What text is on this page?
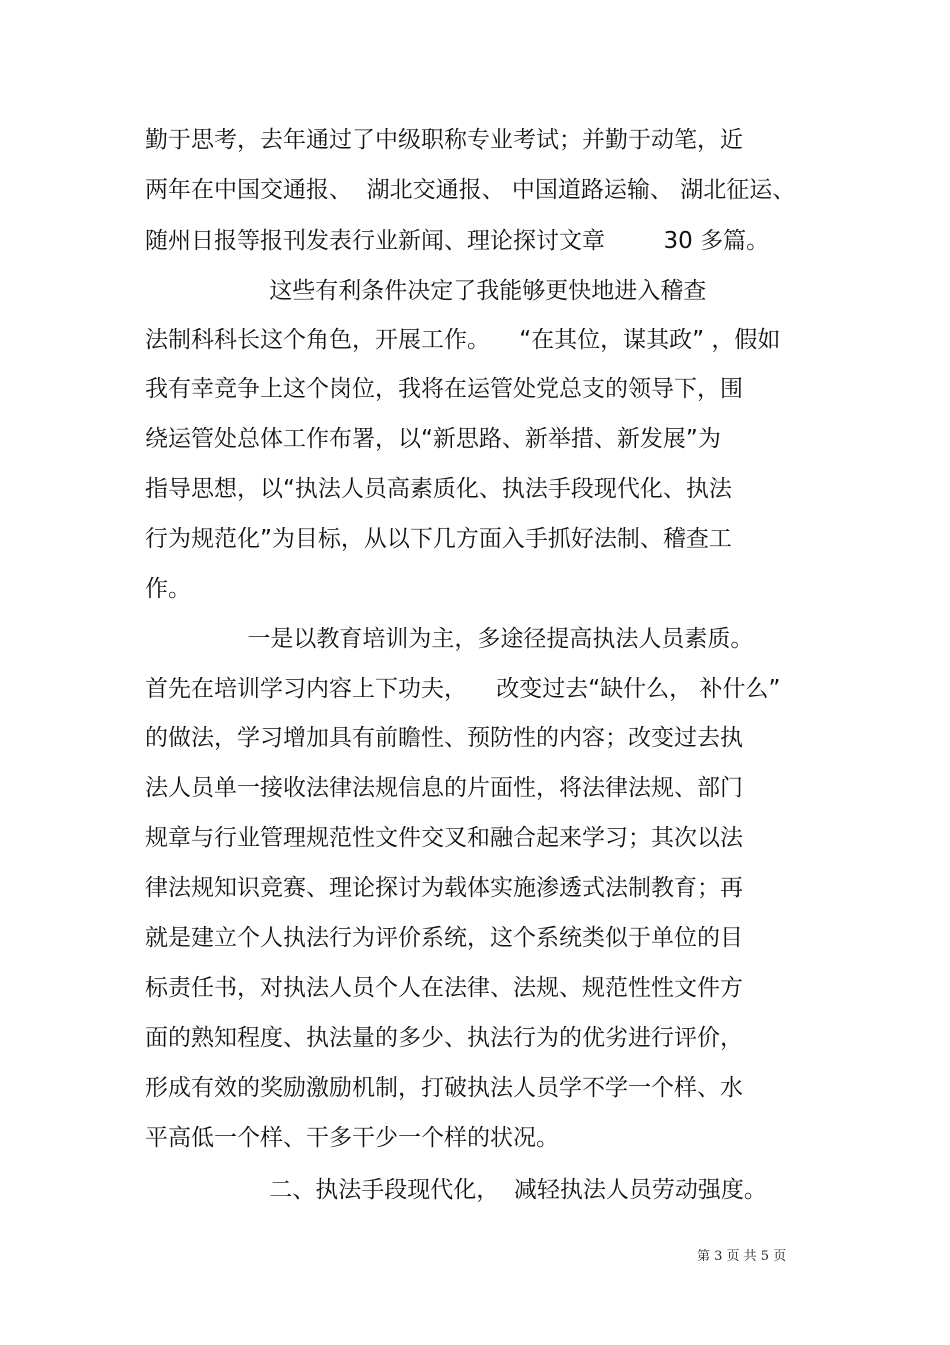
勤于思考，去年通过了中级职称专业考试；并勤于动笔，近
两年在中国交通报、  湖北交通报、 中国道路运输、 湖北征运、
随州日报等报刊发表行业新闻、理论探讨文章        30 多篇。
这些有利条件决定了我能够更快地进入稽查
法制科科长这个角色，开展工作。    “在其位，谋其政” ，假如
我有幸竞争上这个岗位，我将在运管处党总支的领导下，围
绕运管处总体工作布署，以“新思路、新举措、新发展”为
指导思想，以“执法人员高素质化、执法手段现代化、执法
行为规范化”为目标，从以下几方面入手抓好法制、稽查工
作。
一是以教育培训为主，多途径提高执法人员素质。
首先在培训学习内容上下功夫，    改变过去“缺什么， 补什么”
的做法，学习增加具有前瞻性、预防性的内容；改变过去执
法人员单一接收法律法规信息的片面性，将法律法规、部门
规章与行业管理规范性文件交叉和融合起来学习；其次以法
律法规知识竞赛、理论探讨为载体实施渗透式法制教育；再
就是建立个人执法行为评价系统，这个系统类似于单位的目
标责任书，对执法人员个人在法律、法规、规范性性文件方
面的熟知程度、执法量的多少、执法行为的优劣进行评价，
形成有效的奖励激励机制，打破执法人员学不学一个样、水
平高低一个样、干多干少一个样的状况。
二、执法手段现代化，  减轻执法人员劳动强度。
第 3 页 共 5 页
